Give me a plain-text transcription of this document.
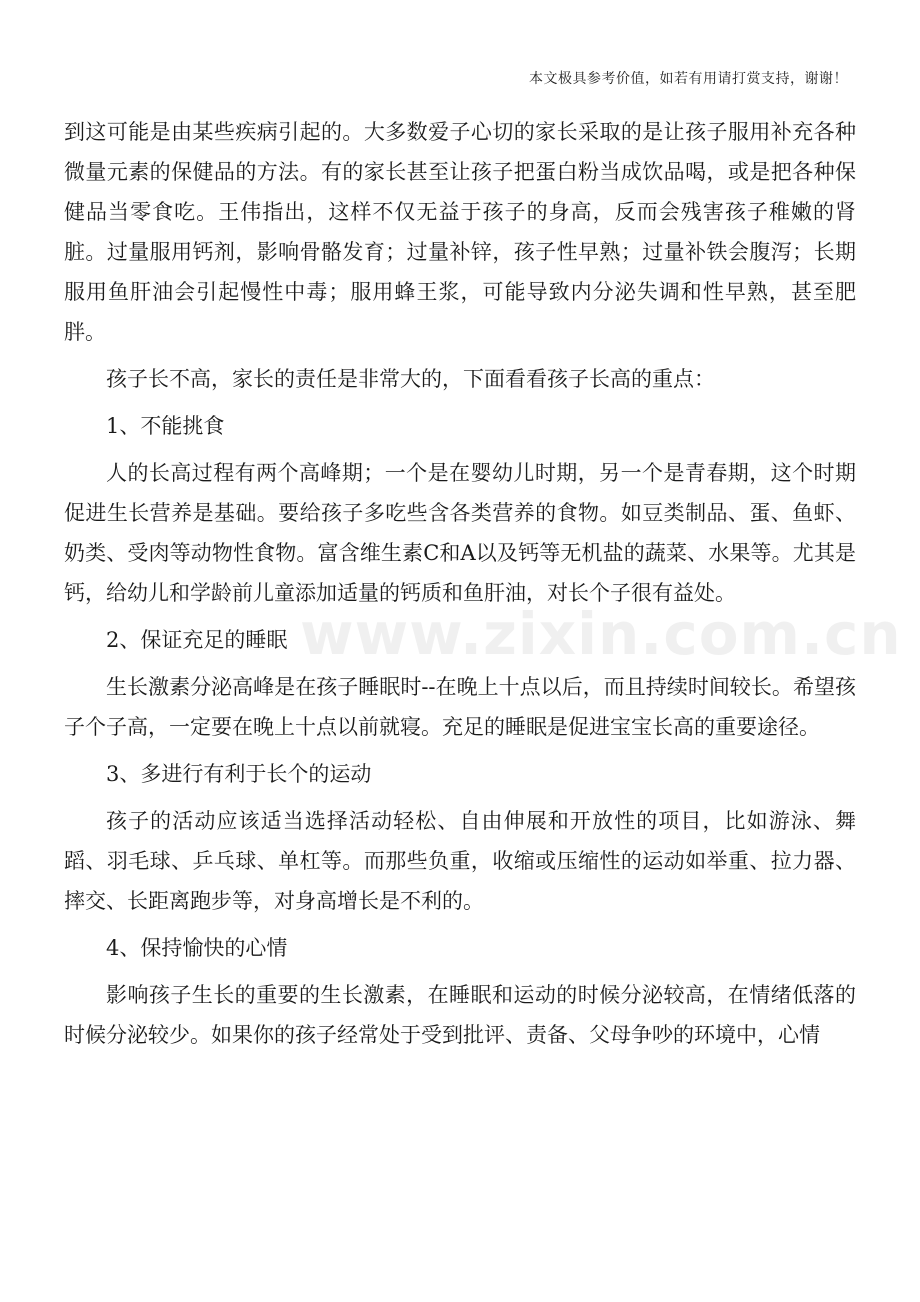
本文极具参考价值，如若有用请打赏支持，谢谢！
www.zixin.com.cn

到这可能是由某些疾病引起的。大多数爱子心切的家长采取的是让孩子服用补充各种微量元素的保健品的方法。有的家长甚至让孩子把蛋白粉当成饮品喝，或是把各种保健品当零食吃。王伟指出，这样不仅无益于孩子的身高，反而会残害孩子稚嫩的肾脏。过量服用钙剂，影响骨骼发育；过量补锌，孩子性早熟；过量补铁会腹泻；长期服用鱼肝油会引起慢性中毒；服用蜂王浆，可能导致内分泌失调和性早熟，甚至肥胖。

孩子长不高，家长的责任是非常大的，下面看看孩子长高的重点：

1、不能挑食

人的长高过程有两个高峰期；一个是在婴幼儿时期，另一个是青春期，这个时期促进生长营养是基础。要给孩子多吃些含各类营养的食物。如豆类制品、蛋、鱼虾、奶类、受肉等动物性食物。富含维生素C和A以及钙等无机盐的蔬菜、水果等。尤其是钙，给幼儿和学龄前儿童添加适量的钙质和鱼肝油，对长个子很有益处。

2、保证充足的睡眠

生长激素分泌高峰是在孩子睡眠时--在晚上十点以后，而且持续时间较长。希望孩子个子高，一定要在晚上十点以前就寝。充足的睡眠是促进宝宝长高的重要途径。

3、多进行有利于长个的运动

孩子的活动应该适当选择活动轻松、自由伸展和开放性的项目，比如游泳、舞蹈、羽毛球、乒乓球、单杠等。而那些负重，收缩或压缩性的运动如举重、拉力器、摔交、长距离跑步等，对身高增长是不利的。

4、保持愉快的心情

影响孩子生长的重要的生长激素，在睡眠和运动的时候分泌较高，在情绪低落的时候分泌较少。如果你的孩子经常处于受到批评、责备、父母争吵的环境中，心情
